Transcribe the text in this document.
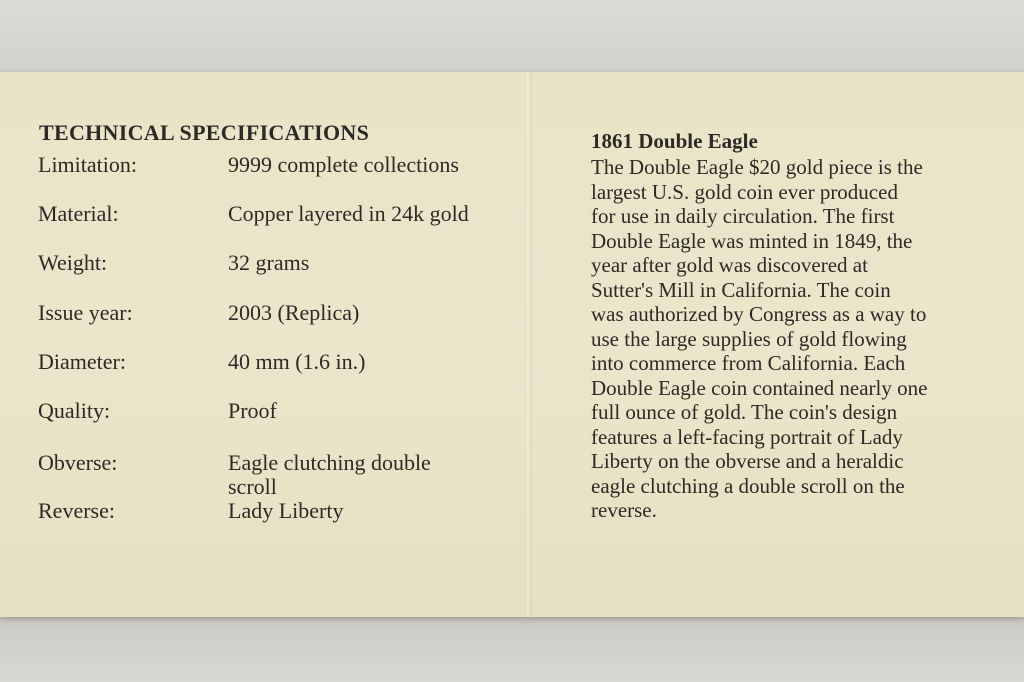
TECHNICAL SPECIFICATIONS
Limitation:	9999 complete collections
Material:	Copper layered in 24k gold
Weight:	32 grams
Issue year:	2003 (Replica)
Diameter:	40 mm (1.6 in.)
Quality:	Proof
Obverse:	Eagle clutching double scroll
Reverse:	Lady Liberty
1861 Double Eagle
The Double Eagle $20 gold piece is the
largest U.S. gold coin ever produced
for use in daily circulation. The first
Double Eagle was minted in 1849, the
year after gold was discovered at
Sutter's Mill in California. The coin
was authorized by Congress as a way to
use the large supplies of gold flowing
into commerce from California. Each
Double Eagle coin contained nearly one
full ounce of gold. The coin's design
features a left-facing portrait of Lady
Liberty on the obverse and a heraldic
eagle clutching a double scroll on the
reverse.
